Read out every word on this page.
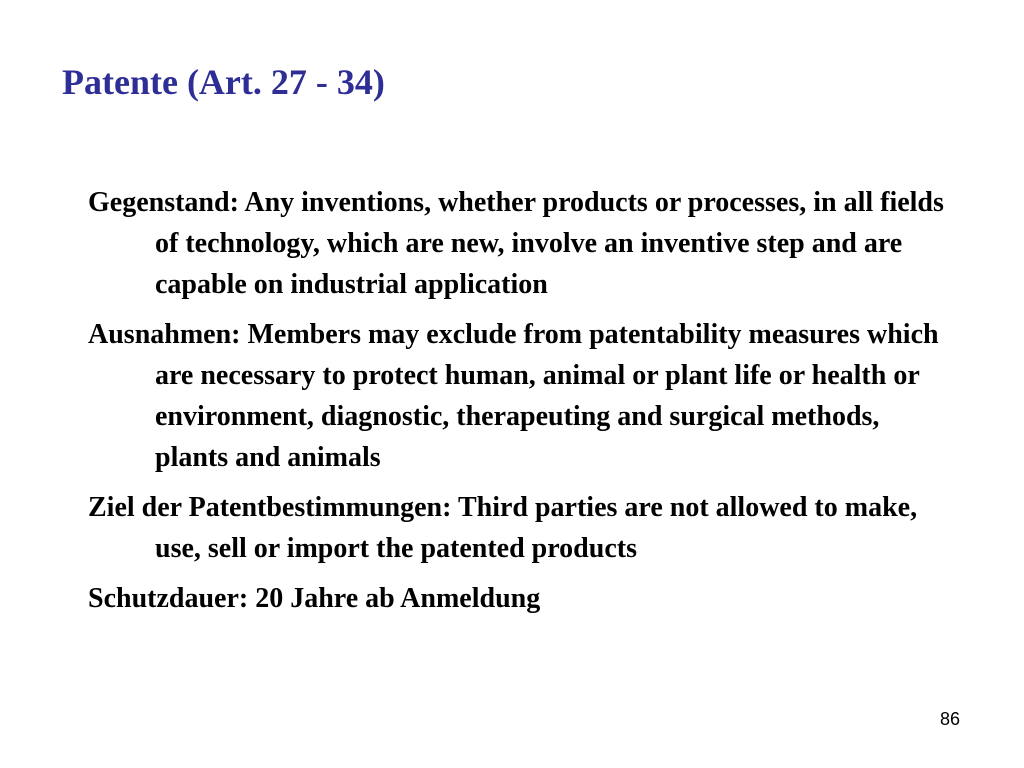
Patente (Art. 27 - 34)
Gegenstand: Any inventions, whether products or processes, in all fields of technology, which are new, involve an inventive step and are capable on industrial application
Ausnahmen: Members may exclude from patentability measures which are necessary to protect human, animal or plant life or health or environment, diagnostic, therapeuting and surgical methods, plants and animals
Ziel der Patentbestimmungen: Third parties are not allowed to make, use, sell or import the patented products
Schutzdauer: 20 Jahre ab Anmeldung
86
